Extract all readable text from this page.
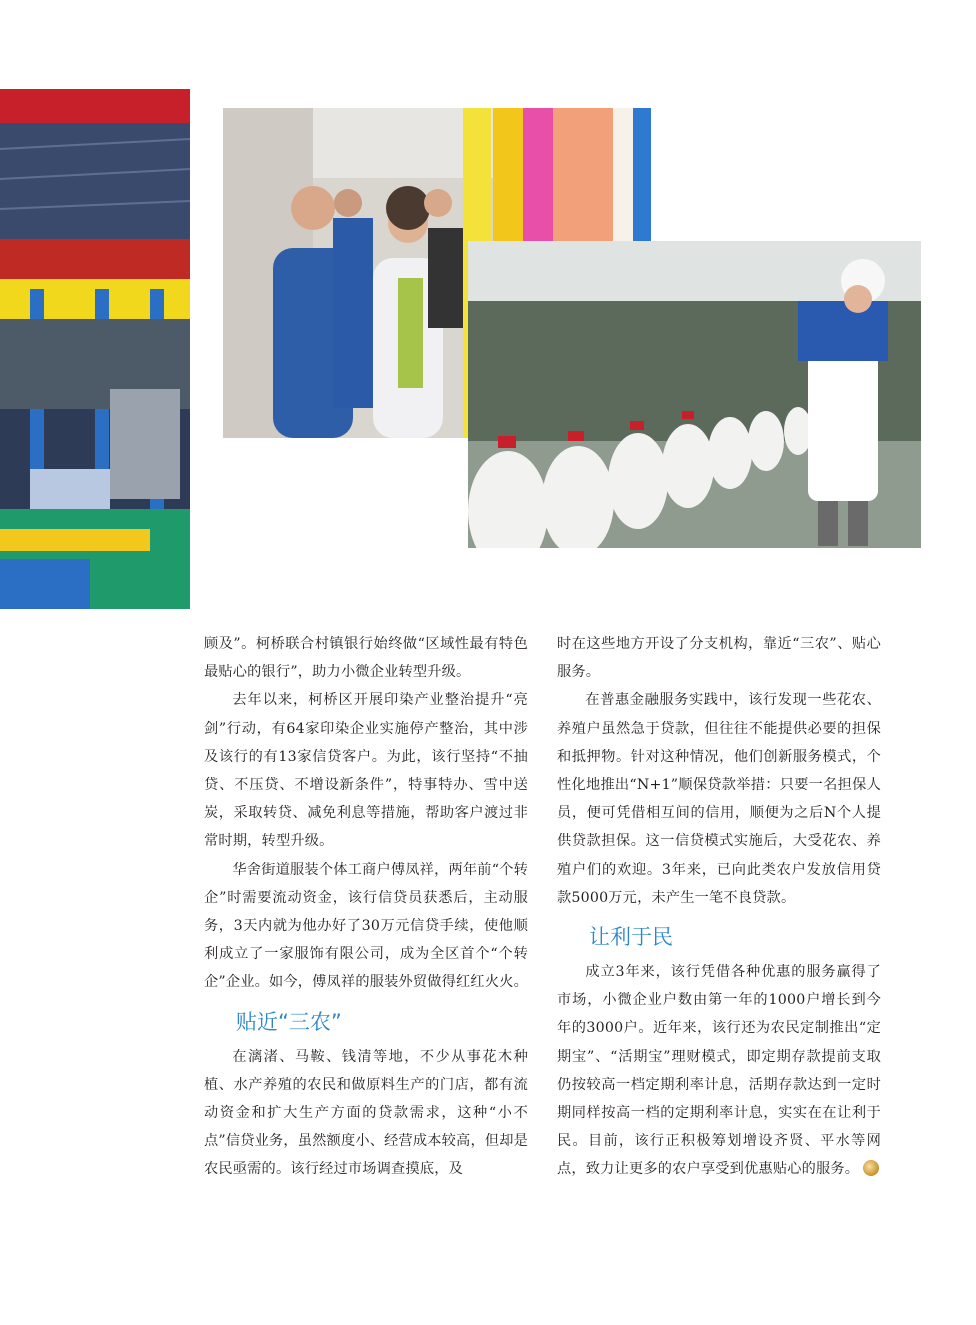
顾及”。柯桥联合村镇银行始终做“区域性最有特色最贴心的银行”，助力小微企业转型升级。

去年以来，柯桥区开展印染产业整治提升“亮剑”行动，有64家印染企业实施停产整治，其中涉及该行的有13家信贷客户。为此，该行坚持“不抽贷、不压贷、不增设新条件”，特事特办、雪中送炭，采取转贷、减免利息等措施，帮助客户渡过非常时期，转型升级。

华舍街道服装个体工商户傅凤祥，两年前“个转企”时需要流动资金，该行信贷员获悉后，主动服务，3天内就为他办好了30万元信贷手续，使他顺利成立了一家服饰有限公司，成为全区首个“个转企”企业。如今，傅凤祥的服装外贸做得红红火火。

贴近“三农”

在漓渚、马鞍、钱清等地，不少从事花木种植、水产养殖的农民和做原料生产的门店，都有流动资金和扩大生产方面的贷款需求，这种“小不点”信贷业务，虽然额度小、经营成本较高，但却是农民亟需的。该行经过市场调查摸底，及

时在这些地方开设了分支机构，靠近“三农”、贴心服务。

在普惠金融服务实践中，该行发现一些花农、养殖户虽然急于贷款，但往往不能提供必要的担保和抵押物。针对这种情况，他们创新服务模式，个性化地推出“N+1”顺保贷款举措：只要一名担保人员，便可凭借相互间的信用，顺便为之后N个人提供贷款担保。这一信贷模式实施后，大受花农、养殖户们的欢迎。3年来，已向此类农户发放信用贷款5000万元，未产生一笔不良贷款。

让利于民

成立3年来，该行凭借各种优惠的服务赢得了市场，小微企业户数由第一年的1000户增长到今年的3000户。近年来，该行还为农民定制推出“定期宝”、“活期宝”理财模式，即定期存款提前支取仍按较高一档定期利率计息，活期存款达到一定时期同样按高一档的定期利率计息，实实在在让利于民。目前，该行正积极筹划增设齐贤、平水等网点，致力让更多的农户享受到优惠贴心的服务。
